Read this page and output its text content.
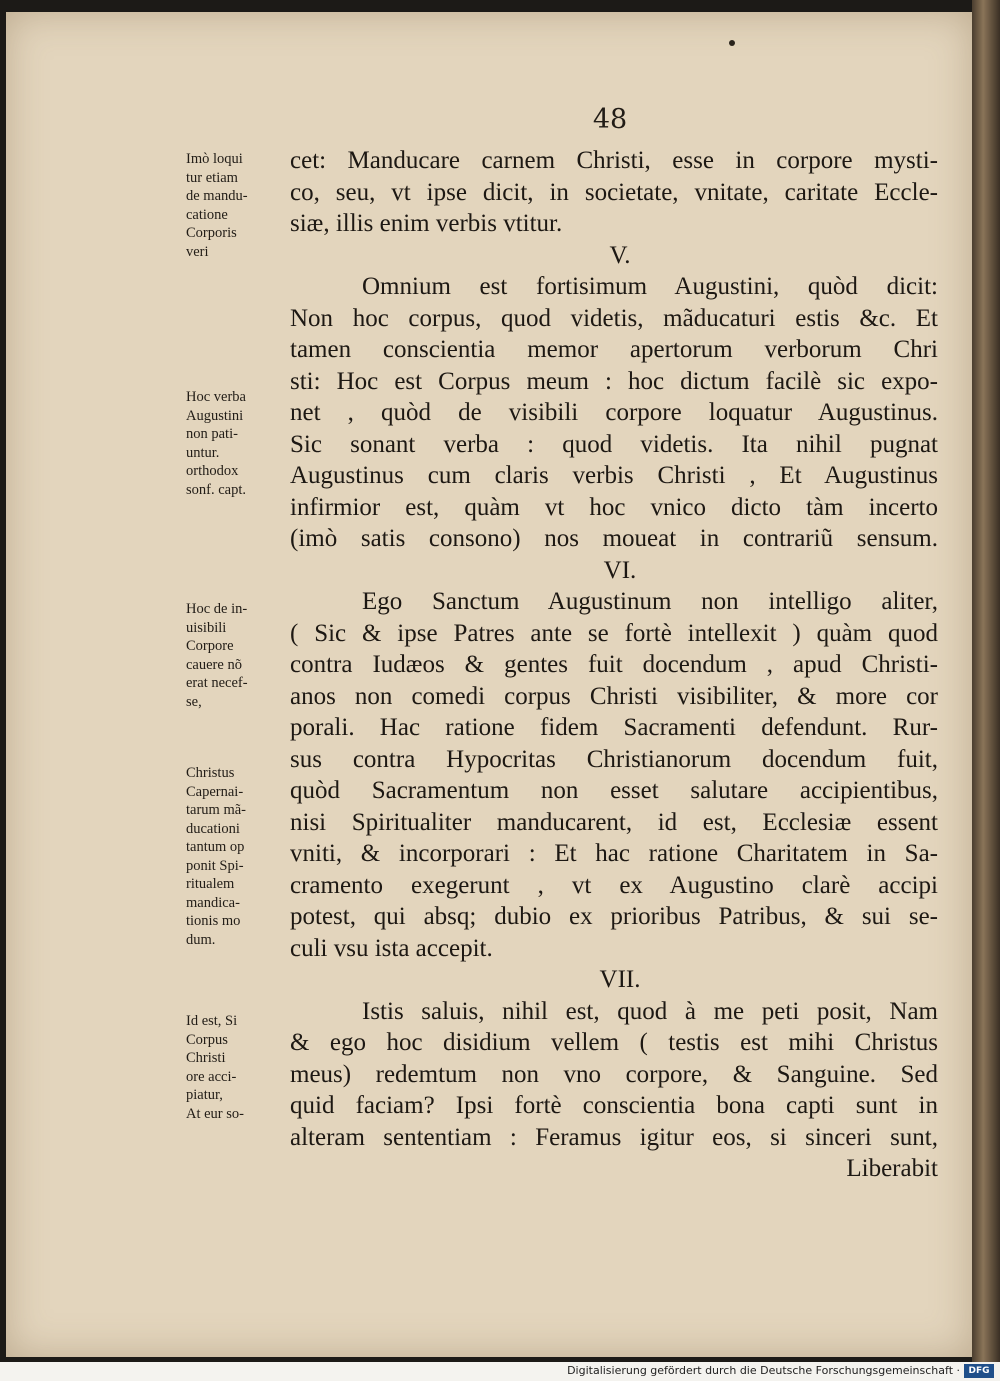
48
cet: Manducare carnem Christi, esse in corpore mysti-
co, seu, vt ipse dicit, in societate, vnitate, caritate Eccle-
siæ, illis enim verbis vtitur.
V.
Omnium est fortisimum Augustini, quòd dicit:
Non hoc corpus, quod videtis, mãducaturi estis &c. Et
tamen conscientia memor apertorum verborum Chri
sti: Hoc est Corpus meum : hoc dictum facilè sic expo-
net , quòd de visibili corpore loquatur Augustinus.
Sic sonant verba : quod videtis. Ita nihil pugnat
Augustinus cum claris verbis Christi , Et Augustinus
infirmior est, quàm vt hoc vnico dicto tàm incerto
(imò satis consono) nos moueat in contrariũ sensum.
VI.
Ego Sanctum Augustinum non intelligo aliter,
( Sic & ipse Patres ante se fortè intellexit ) quàm quod
contra Iudæos & gentes fuit docendum , apud Christi-
anos non comedi corpus Christi visibiliter, & more cor
porali. Hac ratione fidem Sacramenti defendunt. Rur-
sus contra Hypocritas Christianorum docendum fuit,
quòd Sacramentum non esset salutare accipientibus,
nisi Spiritualiter manducarent, id est, Ecclesiæ essent
vniti, & incorporari : Et hac ratione Charitatem in Sa-
cramento exegerunt , vt ex Augustino clarè accipi
potest, qui absq; dubio ex prioribus Patribus, & sui se-
culi vsu ista accepit.
VII.
Istis saluis, nihil est, quod à me peti posit, Nam
& ego hoc disidium vellem ( testis est mihi Christus
meus) redemtum non vno corpore, & Sanguine. Sed
quid faciam? Ipsi fortè conscientia bona capti sunt in
alteram sententiam : Feramus igitur eos, si sinceri sunt,
Liberabit
Imò loqui
tur etiam
de mandu-
catione
Corporis
veri
Hoc verba
Augustini
non pati-
untur.
orthodox
sonf. capt.
Hoc de in-
uisibili
Corpore
cauere nõ
erat necef-
se,
Christus
Capernai-
tarum mã-
ducationi
tantum op
ponit Spi-
ritualem
mandica-
tionis mo
dum.
Id est, Si
Corpus
Christi
ore acci-
piatur,
At eur so-
Digitalisierung gefördert durch die Deutsche Forschungsgemeinschaft · DFG
